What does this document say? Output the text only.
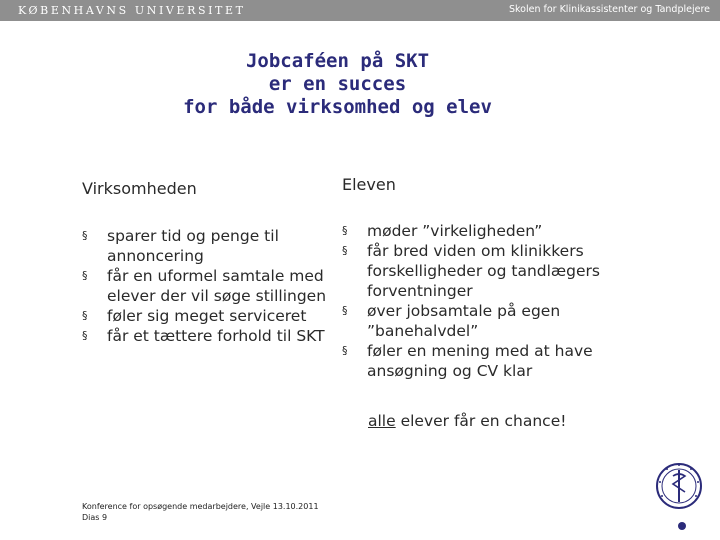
KØBENHAVNS UNIVERSITET	Skolen for Klinikassistenter og Tandplejere
Jobcaféen på SKT
er en succes
for både virksomhed og elev
Virksomheden
§ sparer tid og penge til annoncering
§ får en uformel samtale med elever der vil søge stillingen
§ føler sig meget serviceret
§ får et tættere forhold til SKT
Eleven
§ møder ”virkeligheden”
§ får bred viden om klinikkers forskelligheder og tandlægers forventninger
§ øver jobsamtale på egen ”banehalvdel”
§ føler en mening med at have ansøgning og CV klar
alle elever får en chance!
Konference for opsøgende medarbejdere, Vejle 13.10.2011
Dias 9
